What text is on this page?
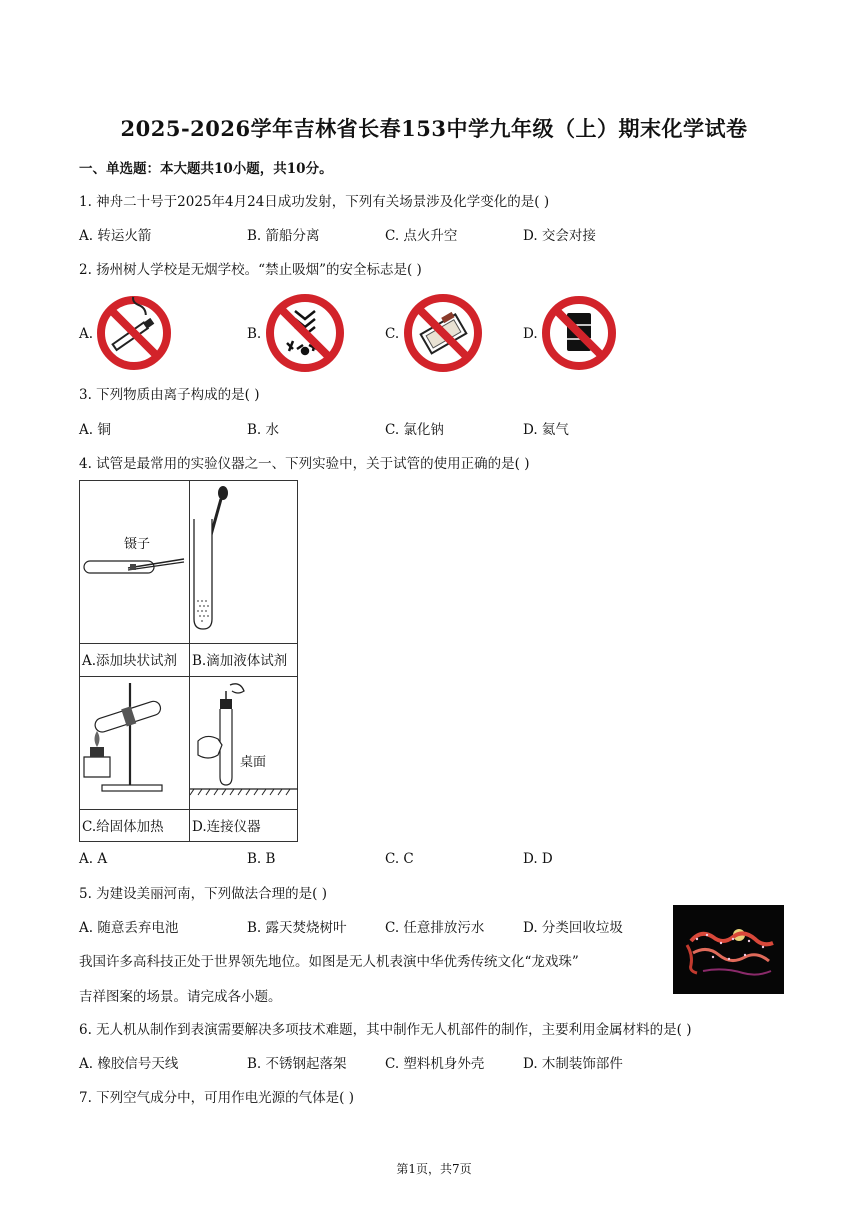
2025-2026学年吉林省长春153中学九年级（上）期末化学试卷
一、单选题：本大题共10小题，共10分。
1. 神舟二十号于2025年4月24日成功发射，下列有关场景涉及化学变化的是( )
A. 转运火箭	B. 箭船分离	C. 点火升空	D. 交会对接
2. 扬州树人学校是无烟学校。“禁止吸烟”的安全标志是( )
A.	B.	C.	D.
3. 下列物质由离子构成的是( )
A. 铜	B. 水	C. 氯化钠	D. 氦气
4. 试管是最常用的实验仪器之一、下列实验中，关于试管的使用正确的是( )
镊子
A.添加块状试剂 B.滴加液体试剂
桌面
C.给固体加热 D.连接仪器
A. A	B. B	C. C	D. D
5. 为建设美丽河南，下列做法合理的是( )
A. 随意丢弃电池	B. 露天焚烧树叶	C. 任意排放污水	D. 分类回收垃圾
我国许多高科技正处于世界领先地位。如图是无人机表演中华优秀传统文化“龙戏珠”
吉祥图案的场景。请完成各小题。
6. 无人机从制作到表演需要解决多项技术难题，其中制作无人机部件的制作，主要利用金属材料的是( )
A. 橡胶信号天线	B. 不锈钢起落架	C. 塑料机身外壳	D. 木制装饰部件
7. 下列空气成分中，可用作电光源的气体是( )
第1页，共7页
